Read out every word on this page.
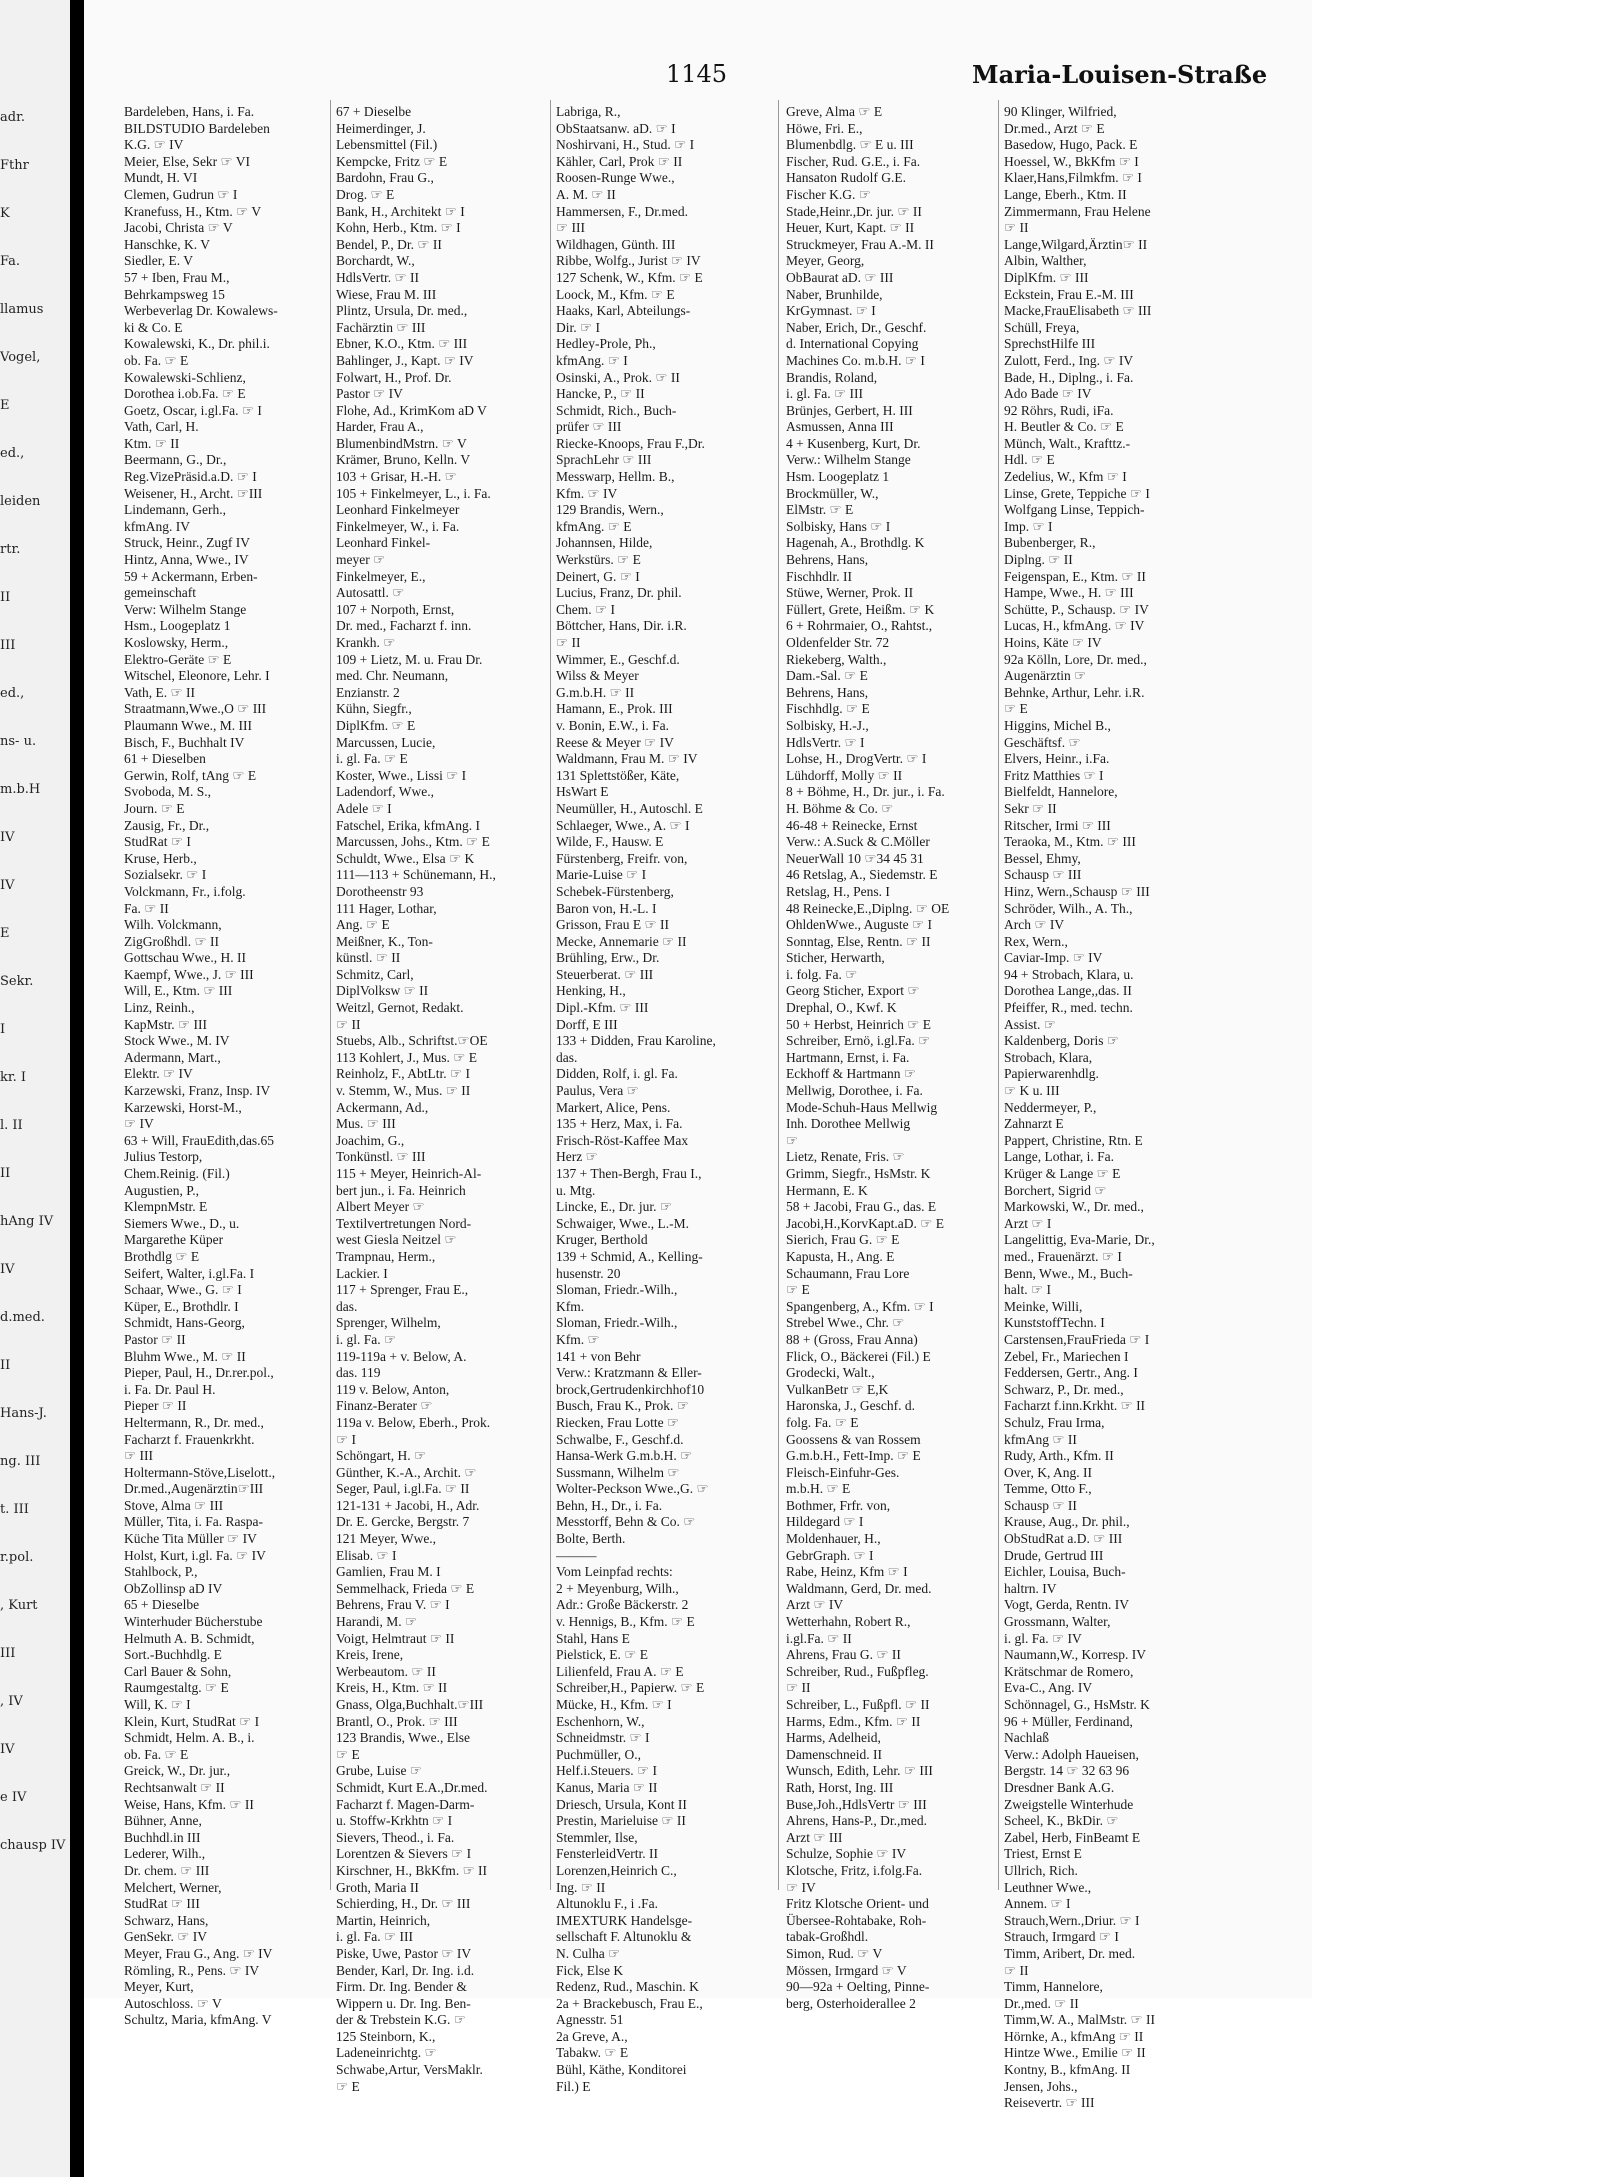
adr.
Fthr
K
Fa.
llamus
Vogel,
E
ed.,
leiden
rtr.
II
III
ed.,
ns- u.
m.b.H
IV
IV
E
Sekr.
I
kr. I
l. II
II
hAng IV
IV
d.med.
II
Hans-J.
ng. III
t. III
r.pol.
, Kurt
III
, IV
IV
e IV
chausp IV
1145	Maria-Louisen-Straße
Bardeleben, Hans, i. Fa.
BILDSTUDIO Bardeleben
K.G. ☞ IV
Meier, Else, Sekr ☞ VI
Mundt, H. VI
Clemen, Gudrun ☞ I
Kranefuss, H., Ktm. ☞ V
Jacobi, Christa ☞ V
Hanschke, K. V
Siedler, E. V
57 + Iben, Frau M.,
Behrkampsweg 15
Werbeverlag Dr. Kowalews-
ki & Co. E
Kowalewski, K., Dr. phil.i.
ob. Fa. ☞ E
Kowalewski-Schlienz,
Dorothea i.ob.Fa. ☞ E
Goetz, Oscar, i.gl.Fa. ☞ I
Vath, Carl, H.
Ktm. ☞ II
Beermann, G., Dr.,
Reg.VizePräsid.a.D. ☞ I
Weisener, H., Archt. ☞III
Lindemann, Gerh.,
kfmAng. IV
Struck, Heinr., Zugf IV
Hintz, Anna, Wwe., IV
59 + Ackermann, Erben-
gemeinschaft
Verw: Wilhelm Stange
Hsm., Loogeplatz 1
Koslowsky, Herm.,
Elektro-Geräte ☞ E
Witschel, Eleonore, Lehr. I
Vath, E. ☞ II
Straatmann,Wwe.,O ☞ III
Plaumann Wwe., M. III
Bisch, F., Buchhalt IV
61 + Dieselben
Gerwin, Rolf, tAng ☞ E
Svoboda, M. S.,
Journ. ☞ E
Zausig, Fr., Dr.,
StudRat ☞ I
Kruse, Herb.,
Sozialsekr. ☞ I
Volckmann, Fr., i.folg.
Fa. ☞ II
Wilh. Volckmann,
ZigGroßhdl. ☞ II
Gottschau Wwe., H. II
Kaempf, Wwe., J. ☞ III
Will, E., Ktm. ☞ III
Linz, Reinh.,
KapMstr. ☞ III
Stock Wwe., M. IV
Adermann, Mart.,
Elektr. ☞ IV
Karzewski, Franz, Insp. IV
Karzewski, Horst-M.,
☞ IV
63 + Will, FrauEdith,das.65
Julius Testorp,
Chem.Reinig. (Fil.)
Augustien, P.,
KlempnMstr. E
Siemers Wwe., D., u.
Margarethe Küper
Brothdlg ☞ E
Seifert, Walter, i.gl.Fa. I
Schaar, Wwe., G. ☞ I
Küper, E., Brothdlr. I
Schmidt, Hans-Georg,
Pastor ☞ II
Bluhm Wwe., M. ☞ II
Pieper, Paul, H., Dr.rer.pol.,
i. Fa. Dr. Paul H.
Pieper ☞ II
Heltermann, R., Dr. med.,
Facharzt f. Frauenkrkht.
☞ III
Holtermann-Stöve,Liselott.,
Dr.med.,Augenärztin☞III
Stove, Alma ☞ III
Müller, Tita, i. Fa. Raspa-
Küche Tita Müller ☞ IV
Holst, Kurt, i.gl. Fa. ☞ IV
Stahlbock, P.,
ObZollinsp aD IV
65 + Dieselbe
Winterhuder Bücherstube
Helmuth A. B. Schmidt,
Sort.-Buchhdlg. E
Carl Bauer & Sohn,
Raumgestaltg. ☞ E
Will, K. ☞ I
Klein, Kurt, StudRat ☞ I
Schmidt, Helm. A. B., i.
ob. Fa. ☞ E
Greick, W., Dr. jur.,
Rechtsanwalt ☞ II
Weise, Hans, Kfm. ☞ II
Bühner, Anne,
Buchhdl.in III
Lederer, Wilh.,
Dr. chem. ☞ III
Melchert, Werner,
StudRat ☞ III
Schwarz, Hans,
GenSekr. ☞ IV
Meyer, Frau G., Ang. ☞ IV
Römling, R., Pens. ☞ IV
Meyer, Kurt,
Autoschloss. ☞ V
Schultz, Maria, kfmAng. V
67 + Dieselbe
Heimerdinger, J.
Lebensmittel (Fil.)
Kempcke, Fritz ☞ E
Bardohn, Frau G.,
Drog. ☞ E
Bank, H., Architekt ☞ I
Kohn, Herb., Ktm. ☞ I
Bendel, P., Dr. ☞ II
Borchardt, W.,
HdlsVertr. ☞ II
Wiese, Frau M. III
Plintz, Ursula, Dr. med.,
Fachärztin ☞ III
Ebner, K.O., Ktm. ☞ III
Bahlinger, J., Kapt. ☞ IV
Folwart, H., Prof. Dr.
Pastor ☞ IV
Flohe, Ad., KrimKom aD V
Harder, Frau A.,
BlumenbindMstrn. ☞ V
Krämer, Bruno, Kelln. V
103 + Grisar, H.-H. ☞
105 + Finkelmeyer, L., i. Fa.
Leonhard Finkelmeyer
Finkelmeyer, W., i. Fa.
Leonhard Finkel-
meyer ☞
Finkelmeyer, E.,
Autosattl. ☞
107 + Norpoth, Ernst,
Dr. med., Facharzt f. inn.
Krankh. ☞
109 + Lietz, M. u. Frau Dr.
med. Chr. Neumann,
Enzianstr. 2
Kühn, Siegfr.,
DiplKfm. ☞ E
Marcussen, Lucie,
i. gl. Fa. ☞ E
Koster, Wwe., Lissi ☞ I
Ladendorf, Wwe.,
Adele ☞ I
Fatschel, Erika, kfmAng. I
Marcussen, Johs., Ktm. ☞ E
Schuldt, Wwe., Elsa ☞ K
111—113 + Schünemann, H.,
Dorotheenstr 93
111 Hager, Lothar,
Ang. ☞ E
Meißner, K., Ton-
künstl. ☞ II
Schmitz, Carl,
DiplVolksw ☞ II
Weitzl, Gernot, Redakt.
☞ II
Stuebs, Alb., Schriftst.☞OE
113 Kohlert, J., Mus. ☞ E
Reinholz, F., AbtLtr. ☞ I
v. Stemm, W., Mus. ☞ II
Ackermann, Ad.,
Mus. ☞ III
Joachim, G.,
Tonkünstl. ☞ III
115 + Meyer, Heinrich-Al-
bert jun., i. Fa. Heinrich
Albert Meyer ☞
Textilvertretungen Nord-
west Giesla Neitzel ☞
Trampnau, Herm.,
Lackier. I
117 + Sprenger, Frau E.,
das.
Sprenger, Wilhelm,
i. gl. Fa. ☞
119-119a + v. Below, A.
das. 119
119 v. Below, Anton,
Finanz-Berater ☞
119a v. Below, Eberh., Prok.
☞ I
Schöngart, H. ☞
Günther, K.-A., Archit. ☞
Seger, Paul, i.gl.Fa. ☞ II
121-131 + Jacobi, H., Adr.
Dr. E. Gercke, Bergstr. 7
121 Meyer, Wwe.,
Elisab. ☞ I
Gamlien, Frau M. I
Semmelhack, Frieda ☞ E
Behrens, Frau V. ☞ I
Harandi, M. ☞
Voigt, Helmtraut ☞ II
Kreis, Irene,
Werbeautom. ☞ II
Kreis, H., Ktm. ☞ II
Gnass, Olga,Buchhalt.☞III
Brantl, O., Prok. ☞ III
123 Brandis, Wwe., Else
☞ E
Grube, Luise ☞
Schmidt, Kurt E.A.,Dr.med.
Facharzt f. Magen-Darm-
u. Stoffw-Krkhtn ☞ I
Sievers, Theod., i. Fa.
Lorentzen & Sievers ☞ I
Kirschner, H., BkKfm. ☞ II
Groth, Maria II
Schierding, H., Dr. ☞ III
Martin, Heinrich,
i. gl. Fa. ☞ III
Piske, Uwe, Pastor ☞ IV
Bender, Karl, Dr. Ing. i.d.
Firm. Dr. Ing. Bender &
Wippern u. Dr. Ing. Ben-
der & Trebstein K.G. ☞
125 Steinborn, K.,
Ladeneinrichtg. ☞
Schwabe,Artur, VersMaklr.
☞ E
Labriga, R.,
ObStaatsanw. aD. ☞ I
Noshirvani, H., Stud. ☞ I
Kähler, Carl, Prok ☞ II
Roosen-Runge Wwe.,
A. M. ☞ II
Hammersen, F., Dr.med.
☞ III
Wildhagen, Günth. III
Ribbe, Wolfg., Jurist ☞ IV
127 Schenk, W., Kfm. ☞ E
Loock, M., Kfm. ☞ E
Haaks, Karl, Abteilungs-
Dir. ☞ I
Hedley-Prole, Ph.,
kfmAng. ☞ I
Osinski, A., Prok. ☞ II
Hancke, P., ☞ II
Schmidt, Rich., Buch-
prüfer ☞ III
Riecke-Knoops, Frau F.,Dr.
SprachLehr ☞ III
Messwarp, Hellm. B.,
Kfm. ☞ IV
129 Brandis, Wern.,
kfmAng. ☞ E
Johannsen, Hilde,
Werkstürs. ☞ E
Deinert, G. ☞ I
Lucius, Franz, Dr. phil.
Chem. ☞ I
Böttcher, Hans, Dir. i.R.
☞ II
Wimmer, E., Geschf.d.
Wilss & Meyer
G.m.b.H. ☞ II
Hamann, E., Prok. III
v. Bonin, E.W., i. Fa.
Reese & Meyer ☞ IV
Waldmann, Frau M. ☞ IV
131 Splettstößer, Käte,
HsWart E
Neumüller, H., Autoschl. E
Schlaeger, Wwe., A. ☞ I
Wilde, F., Hausw. E
Fürstenberg, Freifr. von,
Marie-Luise ☞ I
Schebek-Fürstenberg,
Baron von, H.-L. I
Grisson, Frau E ☞ II
Mecke, Annemarie ☞ II
Brühling, Erw., Dr.
Steuerberat. ☞ III
Henking, H.,
Dipl.-Kfm. ☞ III
Dorff, E III
133 + Didden, Frau Karoline,
das.
Didden, Rolf, i. gl. Fa.
Paulus, Vera ☞
Markert, Alice, Pens.
135 + Herz, Max, i. Fa.
Frisch-Röst-Kaffee Max
Herz ☞
137 + Then-Bergh, Frau I.,
u. Mtg.
Lincke, E., Dr. jur. ☞
Schwaiger, Wwe., L.-M.
Kruger, Berthold
139 + Schmid, A., Kelling-
husenstr. 20
Sloman, Friedr.-Wilh.,
Kfm.
Sloman, Friedr.-Wilh.,
Kfm. ☞
141 + von Behr
Verw.: Kratzmann & Eller-
brock,Gertrudenkirchhof10
Busch, Frau K., Prok. ☞
Riecken, Frau Lotte ☞
Schwalbe, F., Geschf.d.
Hansa-Werk G.m.b.H. ☞
Sussmann, Wilhelm ☞
Wolter-Peckson Wwe.,G. ☞
Behn, H., Dr., i. Fa.
Messtorff, Behn & Co. ☞
Bolte, Berth.
———
Vom Leinpfad rechts:
2 + Meyenburg, Wilh.,
Adr.: Große Bäckerstr. 2
v. Hennigs, B., Kfm. ☞ E
Stahl, Hans E
Pielstick, E. ☞ E
Lilienfeld, Frau A. ☞ E
Schreiber,H., Papierw. ☞ E
Mücke, H., Kfm. ☞ I
Eschenhorn, W.,
Schneidmstr. ☞ I
Puchmüller, O.,
Helf.i.Steuers. ☞ I
Kanus, Maria ☞ II
Driesch, Ursula, Kont II
Prestin, Marieluise ☞ II
Stemmler, Ilse,
FensterleidVertr. II
Lorenzen,Heinrich C.,
Ing. ☞ II
Altunoklu F., i .Fa.
IMEXTURK Handelsge-
sellschaft F. Altunoklu &
N. Culha ☞
Fick, Else K
Redenz, Rud., Maschin. K
2a + Brackebusch, Frau E.,
Agnesstr. 51
2a Greve, A.,
Tabakw. ☞ E
Bühl, Käthe, Konditorei
Fil.) E
Greve, Alma ☞ E
Höwe, Fri. E.,
Blumenbdlg. ☞ E u. III
Fischer, Rud. G.E., i. Fa.
Hansaton Rudolf G.E.
Fischer K.G. ☞
Stade,Heinr.,Dr. jur. ☞ II
Heuer, Kurt, Kapt. ☞ II
Struckmeyer, Frau A.-M. II
Meyer, Georg,
ObBaurat aD. ☞ III
Naber, Brunhilde,
KrGymnast. ☞ I
Naber, Erich, Dr., Geschf.
d. International Copying
Machines Co. m.b.H. ☞ I
Brandis, Roland,
i. gl. Fa. ☞ III
Brünjes, Gerbert, H. III
Asmussen, Anna III
4 + Kusenberg, Kurt, Dr.
Verw.: Wilhelm Stange
Hsm. Loogeplatz 1
Brockmüller, W.,
ElMstr. ☞ E
Solbisky, Hans ☞ I
Hagenah, A., Brothdlg. K
Behrens, Hans,
Fischhdlr. II
Stüwe, Werner, Prok. II
Füllert, Grete, Heißm. ☞ K
6 + Rohrmaier, O., Rahtst.,
Oldenfelder Str. 72
Riekeberg, Walth.,
Dam.-Sal. ☞ E
Behrens, Hans,
Fischhdlg. ☞ E
Solbisky, H.-J.,
HdlsVertr. ☞ I
Lohse, H., DrogVertr. ☞ I
Lühdorff, Molly ☞ II
8 + Böhme, H., Dr. jur., i. Fa.
H. Böhme & Co. ☞
46-48 + Reinecke, Ernst
Verw.: A.Suck & C.Möller
NeuerWall 10 ☞34 45 31
46 Retslag, A., Siedemstr. E
Retslag, H., Pens. I
48 Reinecke,E.,Diplng. ☞ OE
OhldenWwe., Auguste ☞ I
Sonntag, Else, Rentn. ☞ II
Sticher, Herwarth,
i. folg. Fa. ☞
Georg Sticher, Export ☞
Drephal, O., Kwf. K
50 + Herbst, Heinrich ☞ E
Schreiber, Ernö, i.gl.Fa. ☞
Hartmann, Ernst, i. Fa.
Eckhoff & Hartmann ☞
Mellwig, Dorothee, i. Fa.
Mode-Schuh-Haus Mellwig
Inh. Dorothee Mellwig
☞
Lietz, Renate, Fris. ☞
Grimm, Siegfr., HsMstr. K
Hermann, E. K
58 + Jacobi, Frau G., das. E
Jacobi,H.,KorvKapt.aD. ☞ E
Sierich, Frau G. ☞ E
Kapusta, H., Ang. E
Schaumann, Frau Lore
☞ E
Spangenberg, A., Kfm. ☞ I
Strebel Wwe., Chr. ☞
88 + (Gross, Frau Anna)
Flick, O., Bäckerei (Fil.) E
Grodecki, Walt.,
VulkanBetr ☞ E,K
Haronska, J., Geschf. d.
folg. Fa. ☞ E
Goossens & van Rossem
G.m.b.H., Fett-Imp. ☞ E
Fleisch-Einfuhr-Ges.
m.b.H. ☞ E
Bothmer, Frfr. von,
Hildegard ☞ I
Moldenhauer, H.,
GebrGraph. ☞ I
Rabe, Heinz, Kfm ☞ I
Waldmann, Gerd, Dr. med.
Arzt ☞ IV
Wetterhahn, Robert R.,
i.gl.Fa. ☞ II
Ahrens, Frau G. ☞ II
Schreiber, Rud., Fußpfleg.
☞ II
Schreiber, L., Fußpfl. ☞ II
Harms, Edm., Kfm. ☞ II
Harms, Adelheid,
Damenschneid. II
Wunsch, Edith, Lehr. ☞ III
Rath, Horst, Ing. III
Buse,Joh.,HdlsVertr ☞ III
Ahrens, Hans-P., Dr.,med.
Arzt ☞ III
Schulze, Sophie ☞ IV
Klotsche, Fritz, i.folg.Fa.
☞ IV
Fritz Klotsche Orient- und
Übersee-Rohtabake, Roh-
tabak-Großhdl.
Simon, Rud. ☞ V
Mössen, Irmgard ☞ V
90—92a + Oelting, Pinne-
berg, Osterhoiderallee 2
90 Klinger, Wilfried,
Dr.med., Arzt ☞ E
Basedow, Hugo, Pack. E
Hoessel, W., BkKfm ☞ I
Klaer,Hans,Filmkfm. ☞ I
Lange, Eberh., Ktm. II
Zimmermann, Frau Helene
☞ II
Lange,Wilgard,Ärztin☞ II
Albin, Walther,
DiplKfm. ☞ III
Eckstein, Frau E.-M. III
Macke,FrauElisabeth ☞ III
Schüll, Freya,
SprechstHilfe III
Zulott, Ferd., Ing. ☞ IV
Bade, H., Diplng., i. Fa.
Ado Bade ☞ IV
92 Röhrs, Rudi, iFa.
H. Beutler & Co. ☞ E
Münch, Walt., Krafttz.-
Hdl. ☞ E
Zedelius, W., Kfm ☞ I
Linse, Grete, Teppiche ☞ I
Wolfgang Linse, Teppich-
Imp. ☞ I
Bubenberger, R.,
Diplng. ☞ II
Feigenspan, E., Ktm. ☞ II
Hampe, Wwe., H. ☞ III
Schütte, P., Schausp. ☞ IV
Lucas, H., kfmAng. ☞ IV
Hoins, Käte ☞ IV
92a Kölln, Lore, Dr. med.,
Augenärztin ☞
Behnke, Arthur, Lehr. i.R.
☞ E
Higgins, Michel B.,
Geschäftsf. ☞
Elvers, Heinr., i.Fa.
Fritz Matthies ☞ I
Bielfeldt, Hannelore,
Sekr ☞ II
Ritscher, Irmi ☞ III
Teraoka, M., Ktm. ☞ III
Bessel, Ehmy,
Schausp ☞ III
Hinz, Wern.,Schausp ☞ III
Schröder, Wilh., A. Th.,
Arch ☞ IV
Rex, Wern.,
Caviar-Imp. ☞ IV
94 + Strobach, Klara, u.
Dorothea Lange,,das. II
Pfeiffer, R., med. techn.
Assist. ☞
Kaldenberg, Doris ☞
Strobach, Klara,
Papierwarenhdlg.
☞ K u. III
Neddermeyer, P.,
Zahnarzt E
Pappert, Christine, Rtn. E
Lange, Lothar, i. Fa.
Krüger & Lange ☞ E
Borchert, Sigrid ☞
Markowski, W., Dr. med.,
Arzt ☞ I
Langelittig, Eva-Marie, Dr.,
med., Frauenärzt. ☞ I
Benn, Wwe., M., Buch-
halt. ☞ I
Meinke, Willi,
KunststoffTechn. I
Carstensen,FrauFrieda ☞ I
Zebel, Fr., Mariechen I
Feddersen, Gertr., Ang. I
Schwarz, P., Dr. med.,
Facharzt f.inn.Krkht. ☞ II
Schulz, Frau Irma,
kfmAng ☞ II
Rudy, Arth., Kfm. II
Over, K, Ang. II
Temme, Otto F.,
Schausp ☞ II
Krause, Aug., Dr. phil.,
ObStudRat a.D. ☞ III
Drude, Gertrud III
Eichler, Louisa, Buch-
haltrn. IV
Vogt, Gerda, Rentn. IV
Grossmann, Walter,
i. gl. Fa. ☞ IV
Naumann,W., Korresp. IV
Krätschmar de Romero,
Eva-C., Ang. IV
Schönnagel, G., HsMstr. K
96 + Müller, Ferdinand,
Nachlaß
Verw.: Adolph Haueisen,
Bergstr. 14 ☞ 32 63 96
Dresdner Bank A.G.
Zweigstelle Winterhude
Scheel, K., BkDir. ☞
Zabel, Herb, FinBeamt E
Triest, Ernst E
Ullrich, Rich.
Leuthner Wwe.,
Annem. ☞ I
Strauch,Wern.,Driur. ☞ I
Strauch, Irmgard ☞ I
Timm, Aribert, Dr. med.
☞ II
Timm, Hannelore,
Dr.,med. ☞ II
Timm,W. A., MalMstr. ☞ II
Hörnke, A., kfmAng ☞ II
Hintze Wwe., Emilie ☞ II
Kontny, B., kfmAng. II
Jensen, Johs.,
Reisevertr. ☞ III
